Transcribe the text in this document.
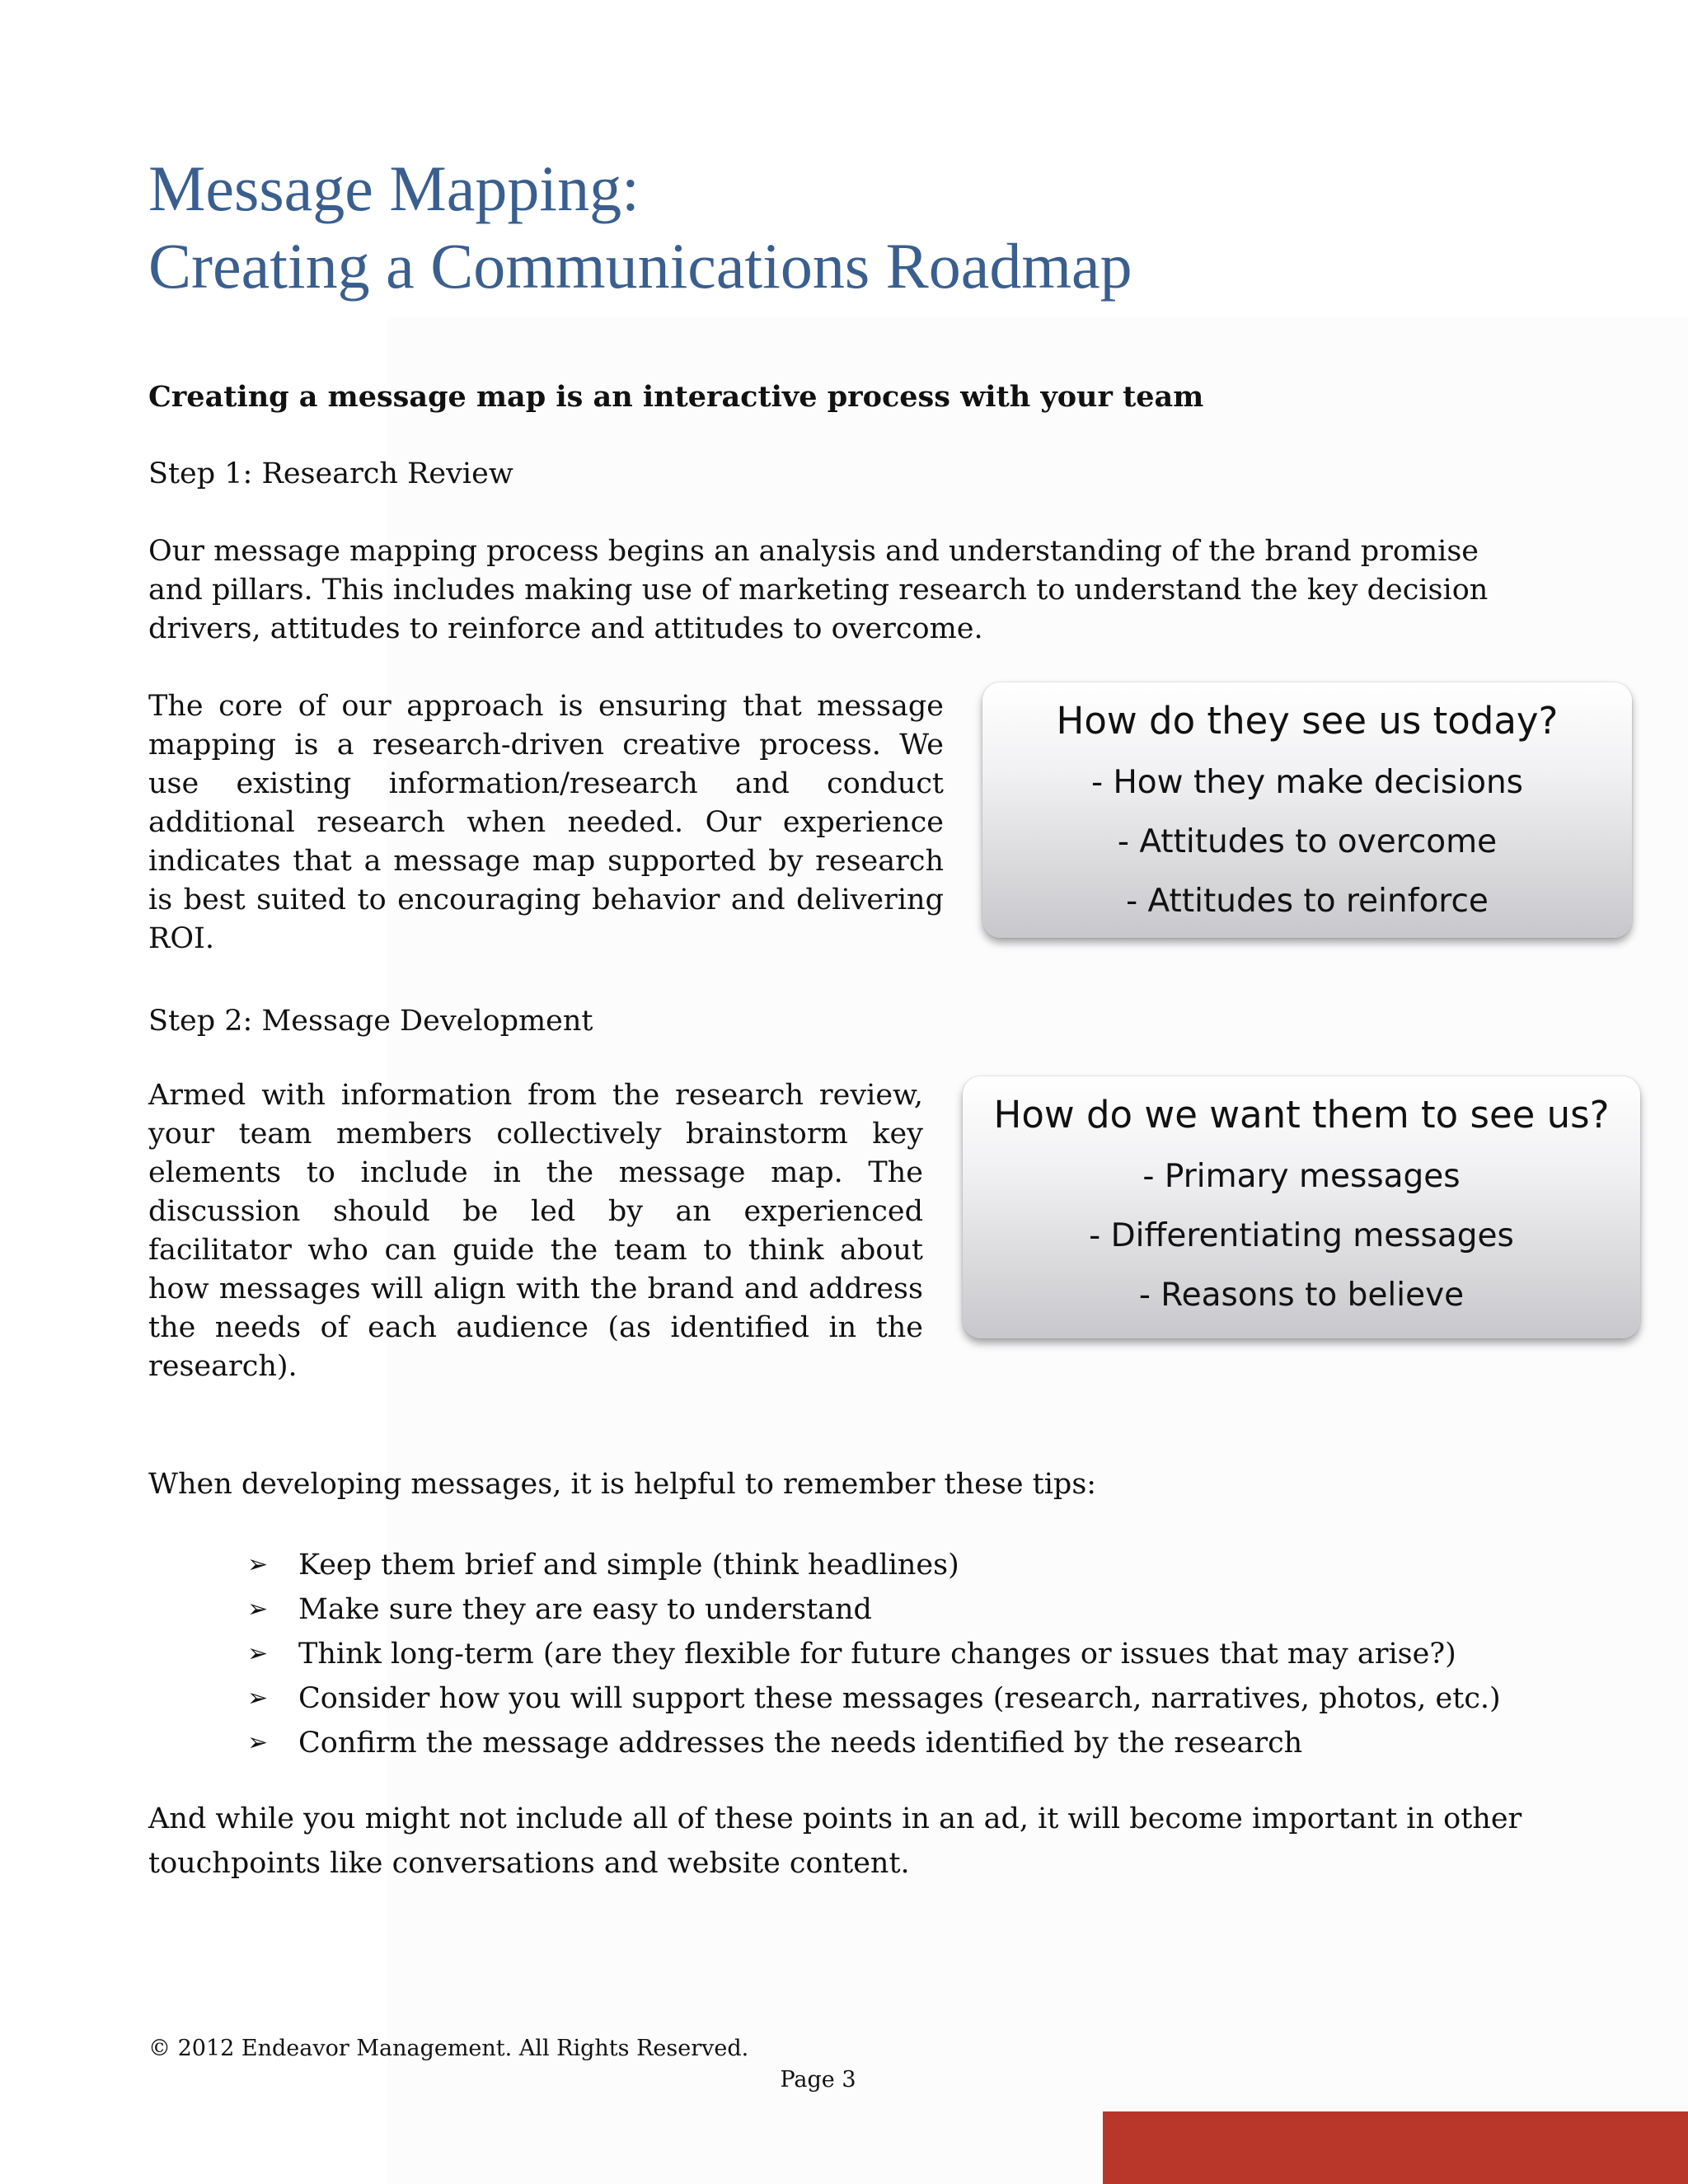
Message Mapping:
Creating a Communications Roadmap

Creating a message map is an interactive process with your team

Step 1: Research Review

Our message mapping process begins an analysis and understanding of the brand promise and pillars. This includes making use of marketing research to understand the key decision drivers, attitudes to reinforce and attitudes to overcome.

The core of our approach is ensuring that message mapping is a research-driven creative process. We use existing information/research and conduct additional research when needed. Our experience indicates that a message map supported by research is best suited to encouraging behavior and delivering ROI.

How do they see us today?
- How they make decisions
- Attitudes to overcome
- Attitudes to reinforce

Step 2: Message Development

Armed with information from the research review, your team members collectively brainstorm key elements to include in the message map. The discussion should be led by an experienced facilitator who can guide the team to think about how messages will align with the brand and address the needs of each audience (as identified in the research).

How do we want them to see us?
- Primary messages
- Differentiating messages
- Reasons to believe

When developing messages, it is helpful to remember these tips:

➢ Keep them brief and simple (think headlines)
➢ Make sure they are easy to understand
➢ Think long-term (are they flexible for future changes or issues that may arise?)
➢ Consider how you will support these messages (research, narratives, photos, etc.)
➢ Confirm the message addresses the needs identified by the research

And while you might not include all of these points in an ad, it will become important in other touchpoints like conversations and website content.

© 2012 Endeavor Management. All Rights Reserved.

Page 3
